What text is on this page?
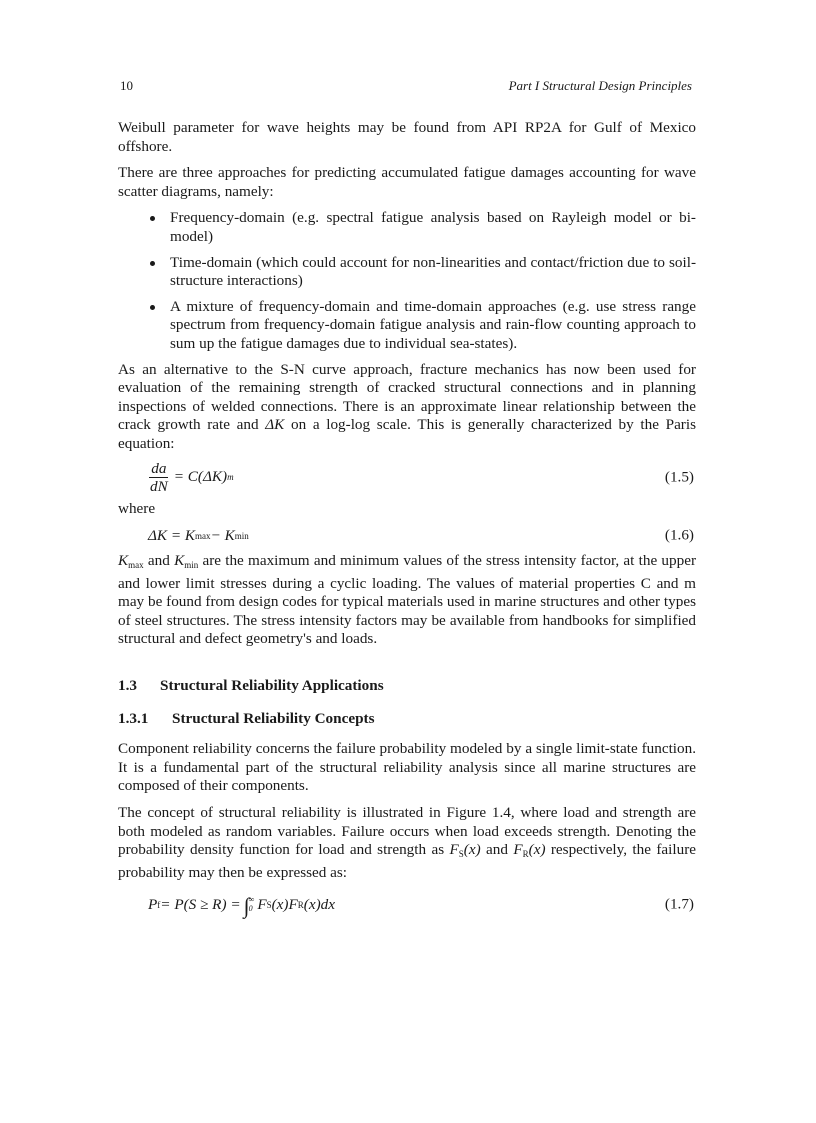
10	Part I Structural Design Principles

Weibull parameter for wave heights may be found from API RP2A for Gulf of Mexico offshore.

There are three approaches for predicting accumulated fatigue damages accounting for wave scatter diagrams, namely:

Frequency-domain (e.g. spectral fatigue analysis based on Rayleigh model or bi-model)
Time-domain (which could account for non-linearities and contact/friction due to soil-structure interactions)
A mixture of frequency-domain and time-domain approaches (e.g. use stress range spectrum from frequency-domain fatigue analysis and rain-flow counting approach to sum up the fatigue damages due to individual sea-states).

As an alternative to the S-N curve approach, fracture mechanics has now been used for evaluation of the remaining strength of cracked structural connections and in planning inspections of welded connections. There is an approximate linear relationship between the crack growth rate and ΔK on a log-log scale. This is generally characterized by the Paris equation:

$\frac{da}{dN} = C(\Delta K)$ m	(1.5)

where

ΔK = K max − K min	(1.6)

$K_{max}$ and $K_{min}$ are the maximum and minimum values of the stress intensity factor, at the upper and lower limit stresses during a cyclic loading. The values of material properties C and m may be found from design codes for typical materials used in marine structures and other types of steel structures. The stress intensity factors may be available from handbooks for simplified structural and defect geometry's and loads.

1.3 Structural Reliability Applications
1.3.1 Structural Reliability Concepts

Component reliability concerns the failure probability modeled by a single limit-state function. It is a fundamental part of the structural reliability analysis since all marine structures are composed of their components.

The concept of structural reliability is illustrated in Figure 1.4, where load and strength are both modeled as random variables. Failure occurs when load exceeds strength. Denoting the probability density function for load and strength as $F_S(x)$ and $F_R(x)$ respectively, the failure probability may then be expressed as:

P f = P(S ≥ R) = ∫ ∞
0 F S (x)F R (x)dx	(1.7)
